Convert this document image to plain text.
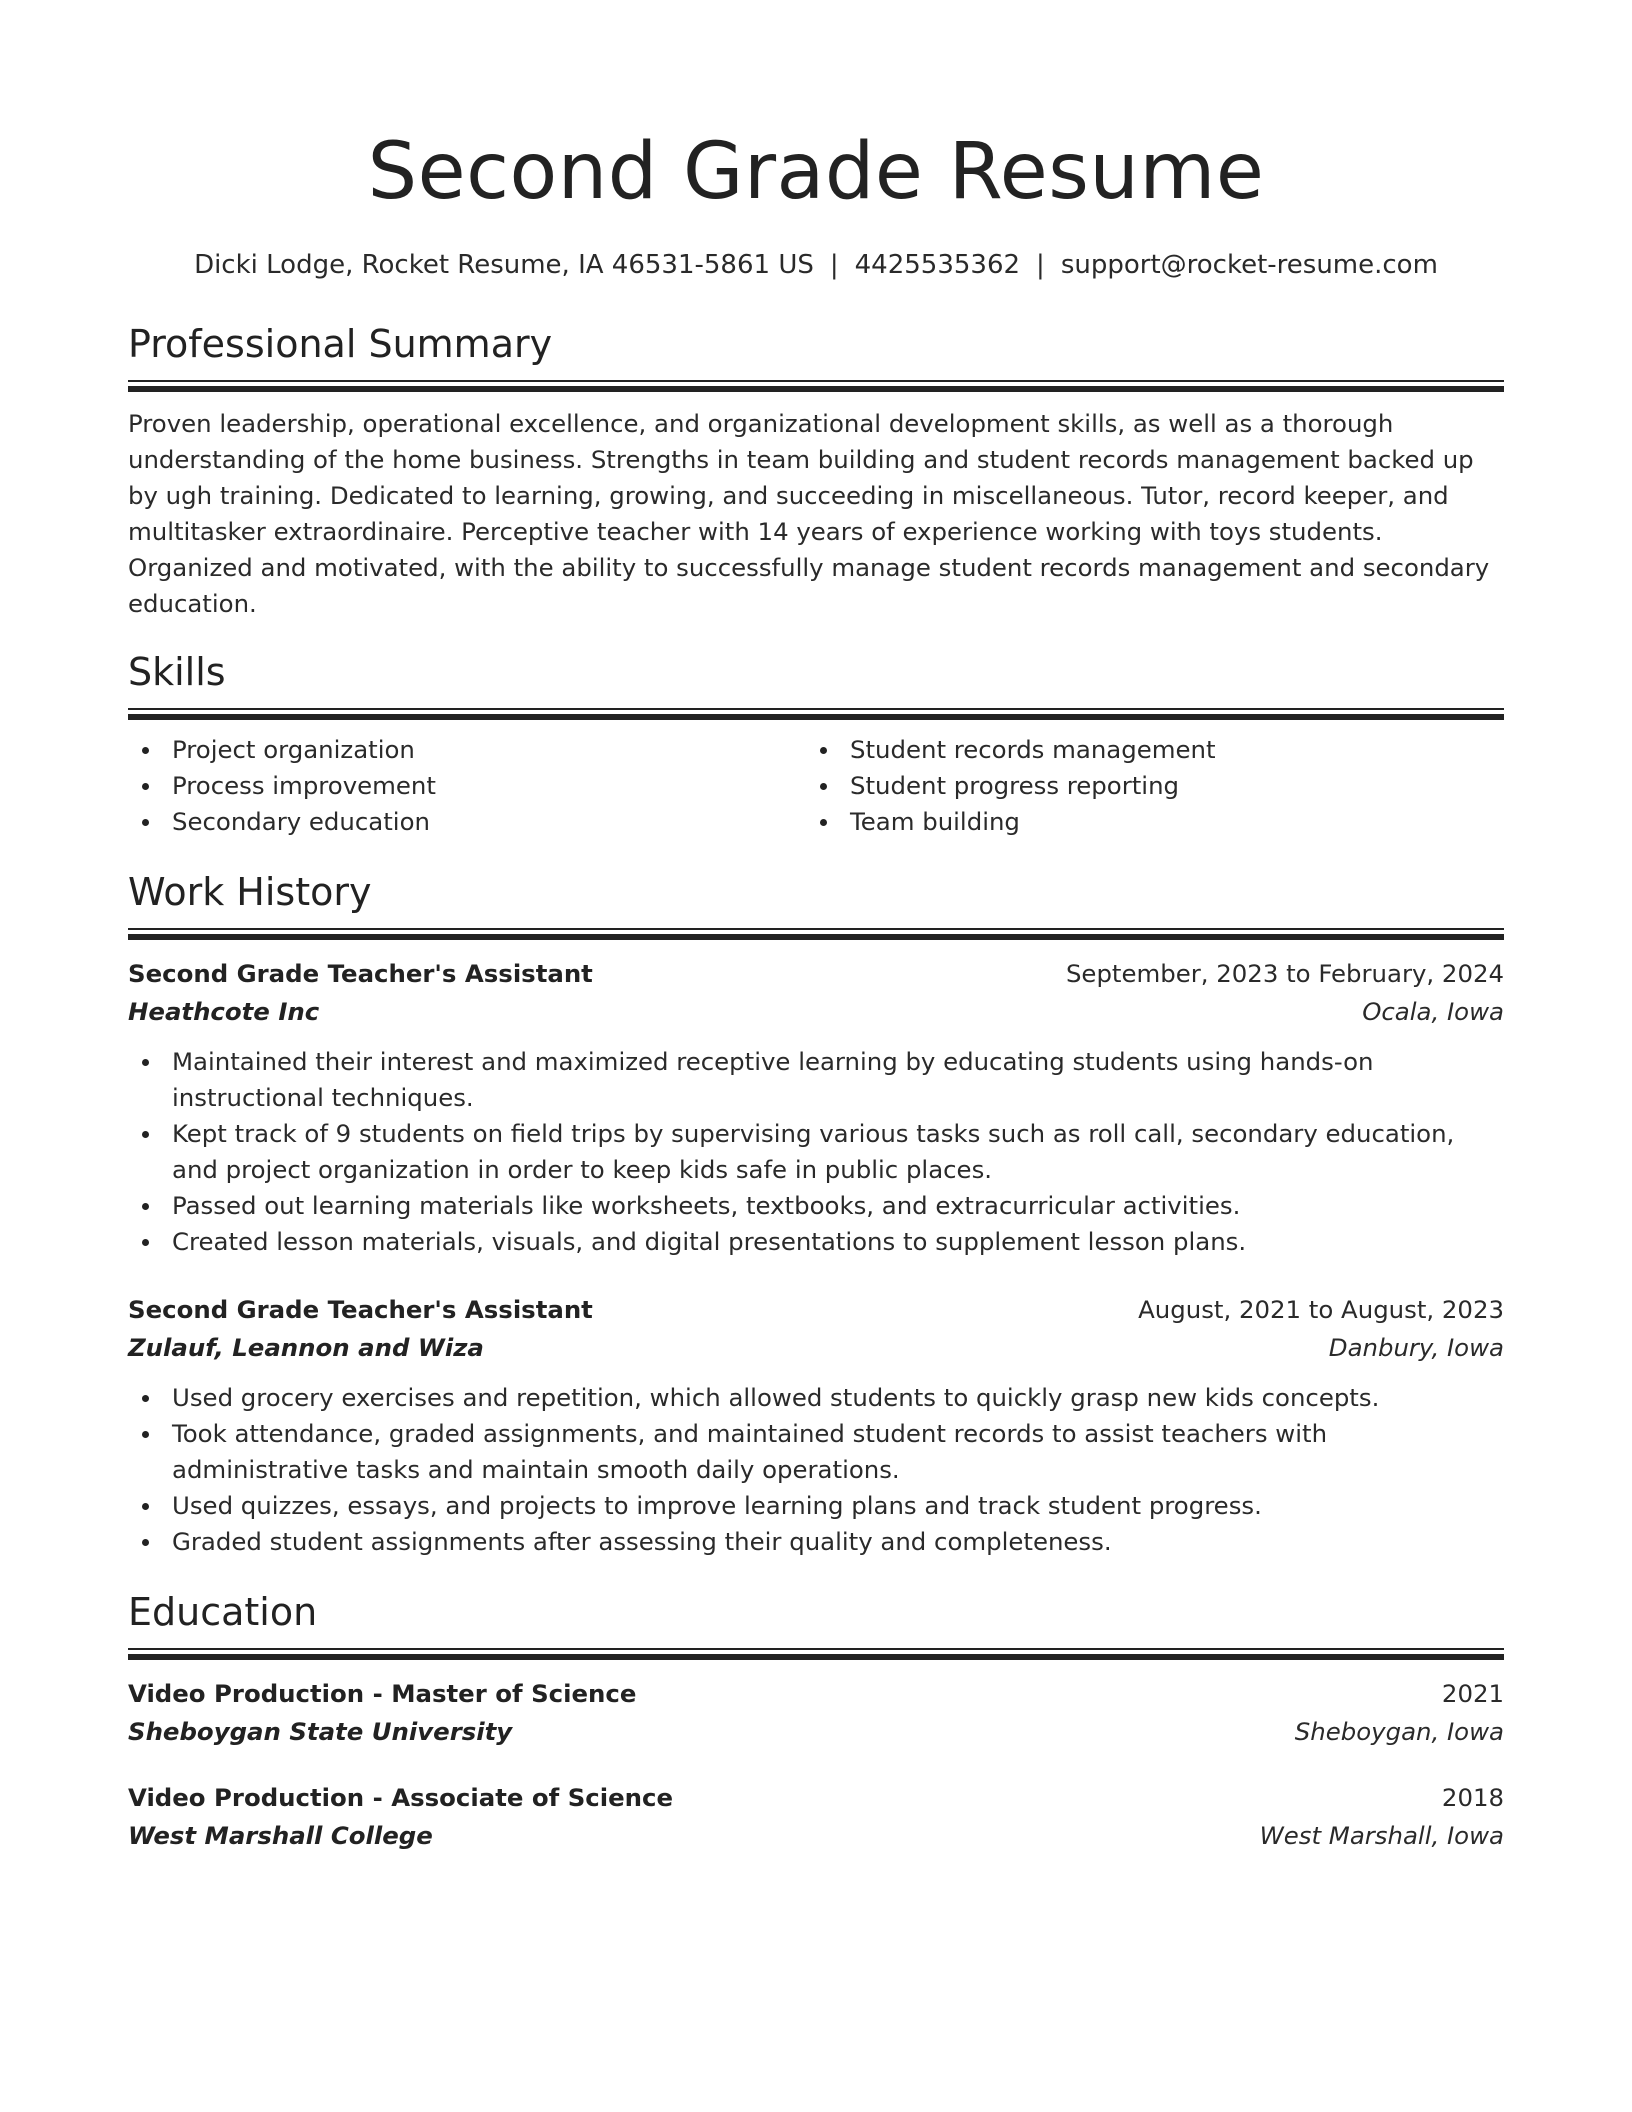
Second Grade Resume
Dicki Lodge, Rocket Resume, IA 46531-5861 US | 4425535362 | support@rocket-resume.com
Professional Summary

Proven leadership, operational excellence, and organizational development skills, as well as a thorough understanding of the home business. Strengths in team building and student records management backed up by ugh training. Dedicated to learning, growing, and succeeding in miscellaneous. Tutor, record keeper, and multitasker extraordinaire. Perceptive teacher with 14 years of experience working with toys students. Organized and motivated, with the ability to successfully manage student records management and secondary education.

Skills
Project organization
Process improvement
Secondary education
Student records management
Student progress reporting
Team building
Work History
Second Grade Teacher's Assistant	September, 2023 to February, 2024
Heathcote Inc	Ocala, Iowa
Maintained their interest and maximized receptive learning by educating students using hands-on instructional techniques.
Kept track of 9 students on field trips by supervising various tasks such as roll call, secondary education, and project organization in order to keep kids safe in public places.
Passed out learning materials like worksheets, textbooks, and extracurricular activities.
Created lesson materials, visuals, and digital presentations to supplement lesson plans.
Second Grade Teacher's Assistant	August, 2021 to August, 2023
Zulauf, Leannon and Wiza	Danbury, Iowa
Used grocery exercises and repetition, which allowed students to quickly grasp new kids concepts.
Took attendance, graded assignments, and maintained student records to assist teachers with administrative tasks and maintain smooth daily operations.
Used quizzes, essays, and projects to improve learning plans and track student progress.
Graded student assignments after assessing their quality and completeness.
Education
Video Production - Master of Science	2021
Sheboygan State University	Sheboygan, Iowa
Video Production - Associate of Science	2018
West Marshall College	West Marshall, Iowa
